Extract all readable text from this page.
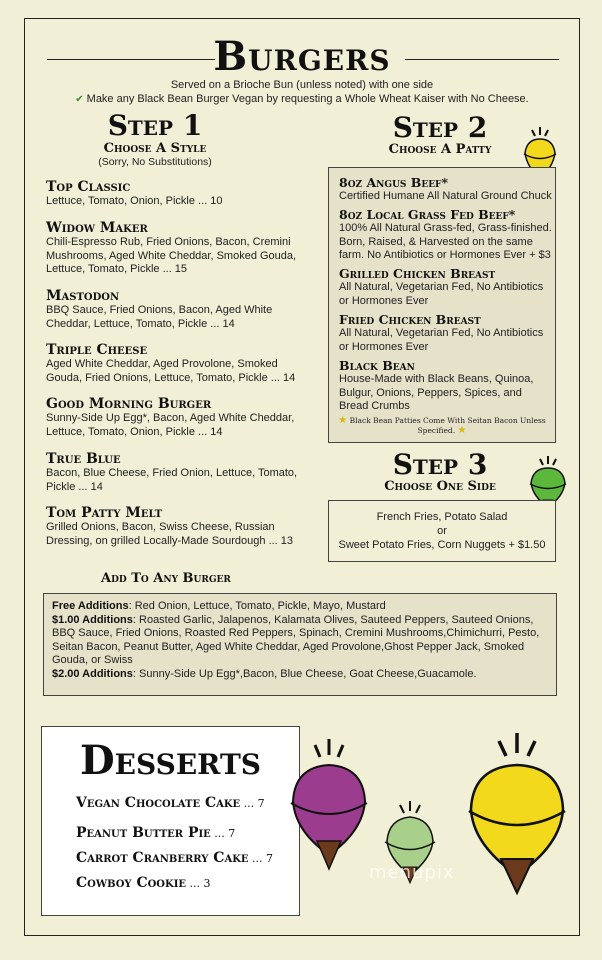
Burgers
Served on a Brioche Bun (unless noted) with one side
✔ Make any Black Bean Burger Vegan by requesting a Whole Wheat Kaiser with No Cheese.
Step 1
Choose A Style
(Sorry, No Substitutions)
Top Classic
Lettuce, Tomato, Onion, Pickle ... 10
Widow Maker
Chili-Espresso Rub, Fried Onions, Bacon, Cremini Mushrooms, Aged White Cheddar, Smoked Gouda, Lettuce, Tomato, Pickle ... 15
Mastodon
BBQ Sauce, Fried Onions, Bacon, Aged White Cheddar, Lettuce, Tomato, Pickle ... 14
Triple Cheese
Aged White Cheddar, Aged Provolone, Smoked Gouda, Fried Onions, Lettuce, Tomato, Pickle ... 14
Good Morning Burger
Sunny-Side Up Egg*, Bacon, Aged White Cheddar, Lettuce, Tomato, Onion, Pickle ... 14
True Blue
Bacon, Blue Cheese, Fried Onion, Lettuce, Tomato, Pickle ... 14
Tom Patty Melt
Grilled Onions, Bacon, Swiss Cheese, Russian Dressing, on grilled Locally-Made Sourdough ... 13
Step 2
Choose A Patty
8oz Angus Beef*
Certified Humane All Natural Ground Chuck
8oz Local Grass Fed Beef*
100% All Natural Grass-fed, Grass-finished. Born, Raised, & Harvested on the same farm. No Antibiotics or Hormones Ever + $3
Grilled Chicken Breast
All Natural, Vegetarian Fed, No Antibiotics or Hormones Ever
Fried Chicken Breast
All Natural, Vegetarian Fed, No Antibiotics or Hormones Ever
Black Bean
House-Made with Black Beans, Quinoa, Bulgur, Onions, Peppers, Spices, and Bread Crumbs
★ Black Bean Patties Come With Seitan Bacon Unless Specified. ★
Step 3
Choose One Side
French Fries, Potato Salad
or
Sweet Potato Fries, Corn Nuggets + $1.50
Add To Any Burger
Free Additions: Red Onion, Lettuce, Tomato, Pickle, Mayo, Mustard
$1.00 Additions: Roasted Garlic, Jalapenos, Kalamata Olives, Sauteed Peppers, Sauteed Onions, BBQ Sauce, Fried Onions, Roasted Red Peppers, Spinach, Cremini Mushrooms,Chimichurri, Pesto, Seitan Bacon, Peanut Butter, Aged White Cheddar, Aged Provolone,Ghost Pepper Jack, Smoked Gouda, or Swiss
$2.00 Additions: Sunny-Side Up Egg*,Bacon, Blue Cheese, Goat Cheese,Guacamole.
Desserts
Vegan Chocolate Cake ... 7
Peanut Butter Pie ... 7
Carrot Cranberry Cake ... 7
Cowboy Cookie ... 3
menupix
